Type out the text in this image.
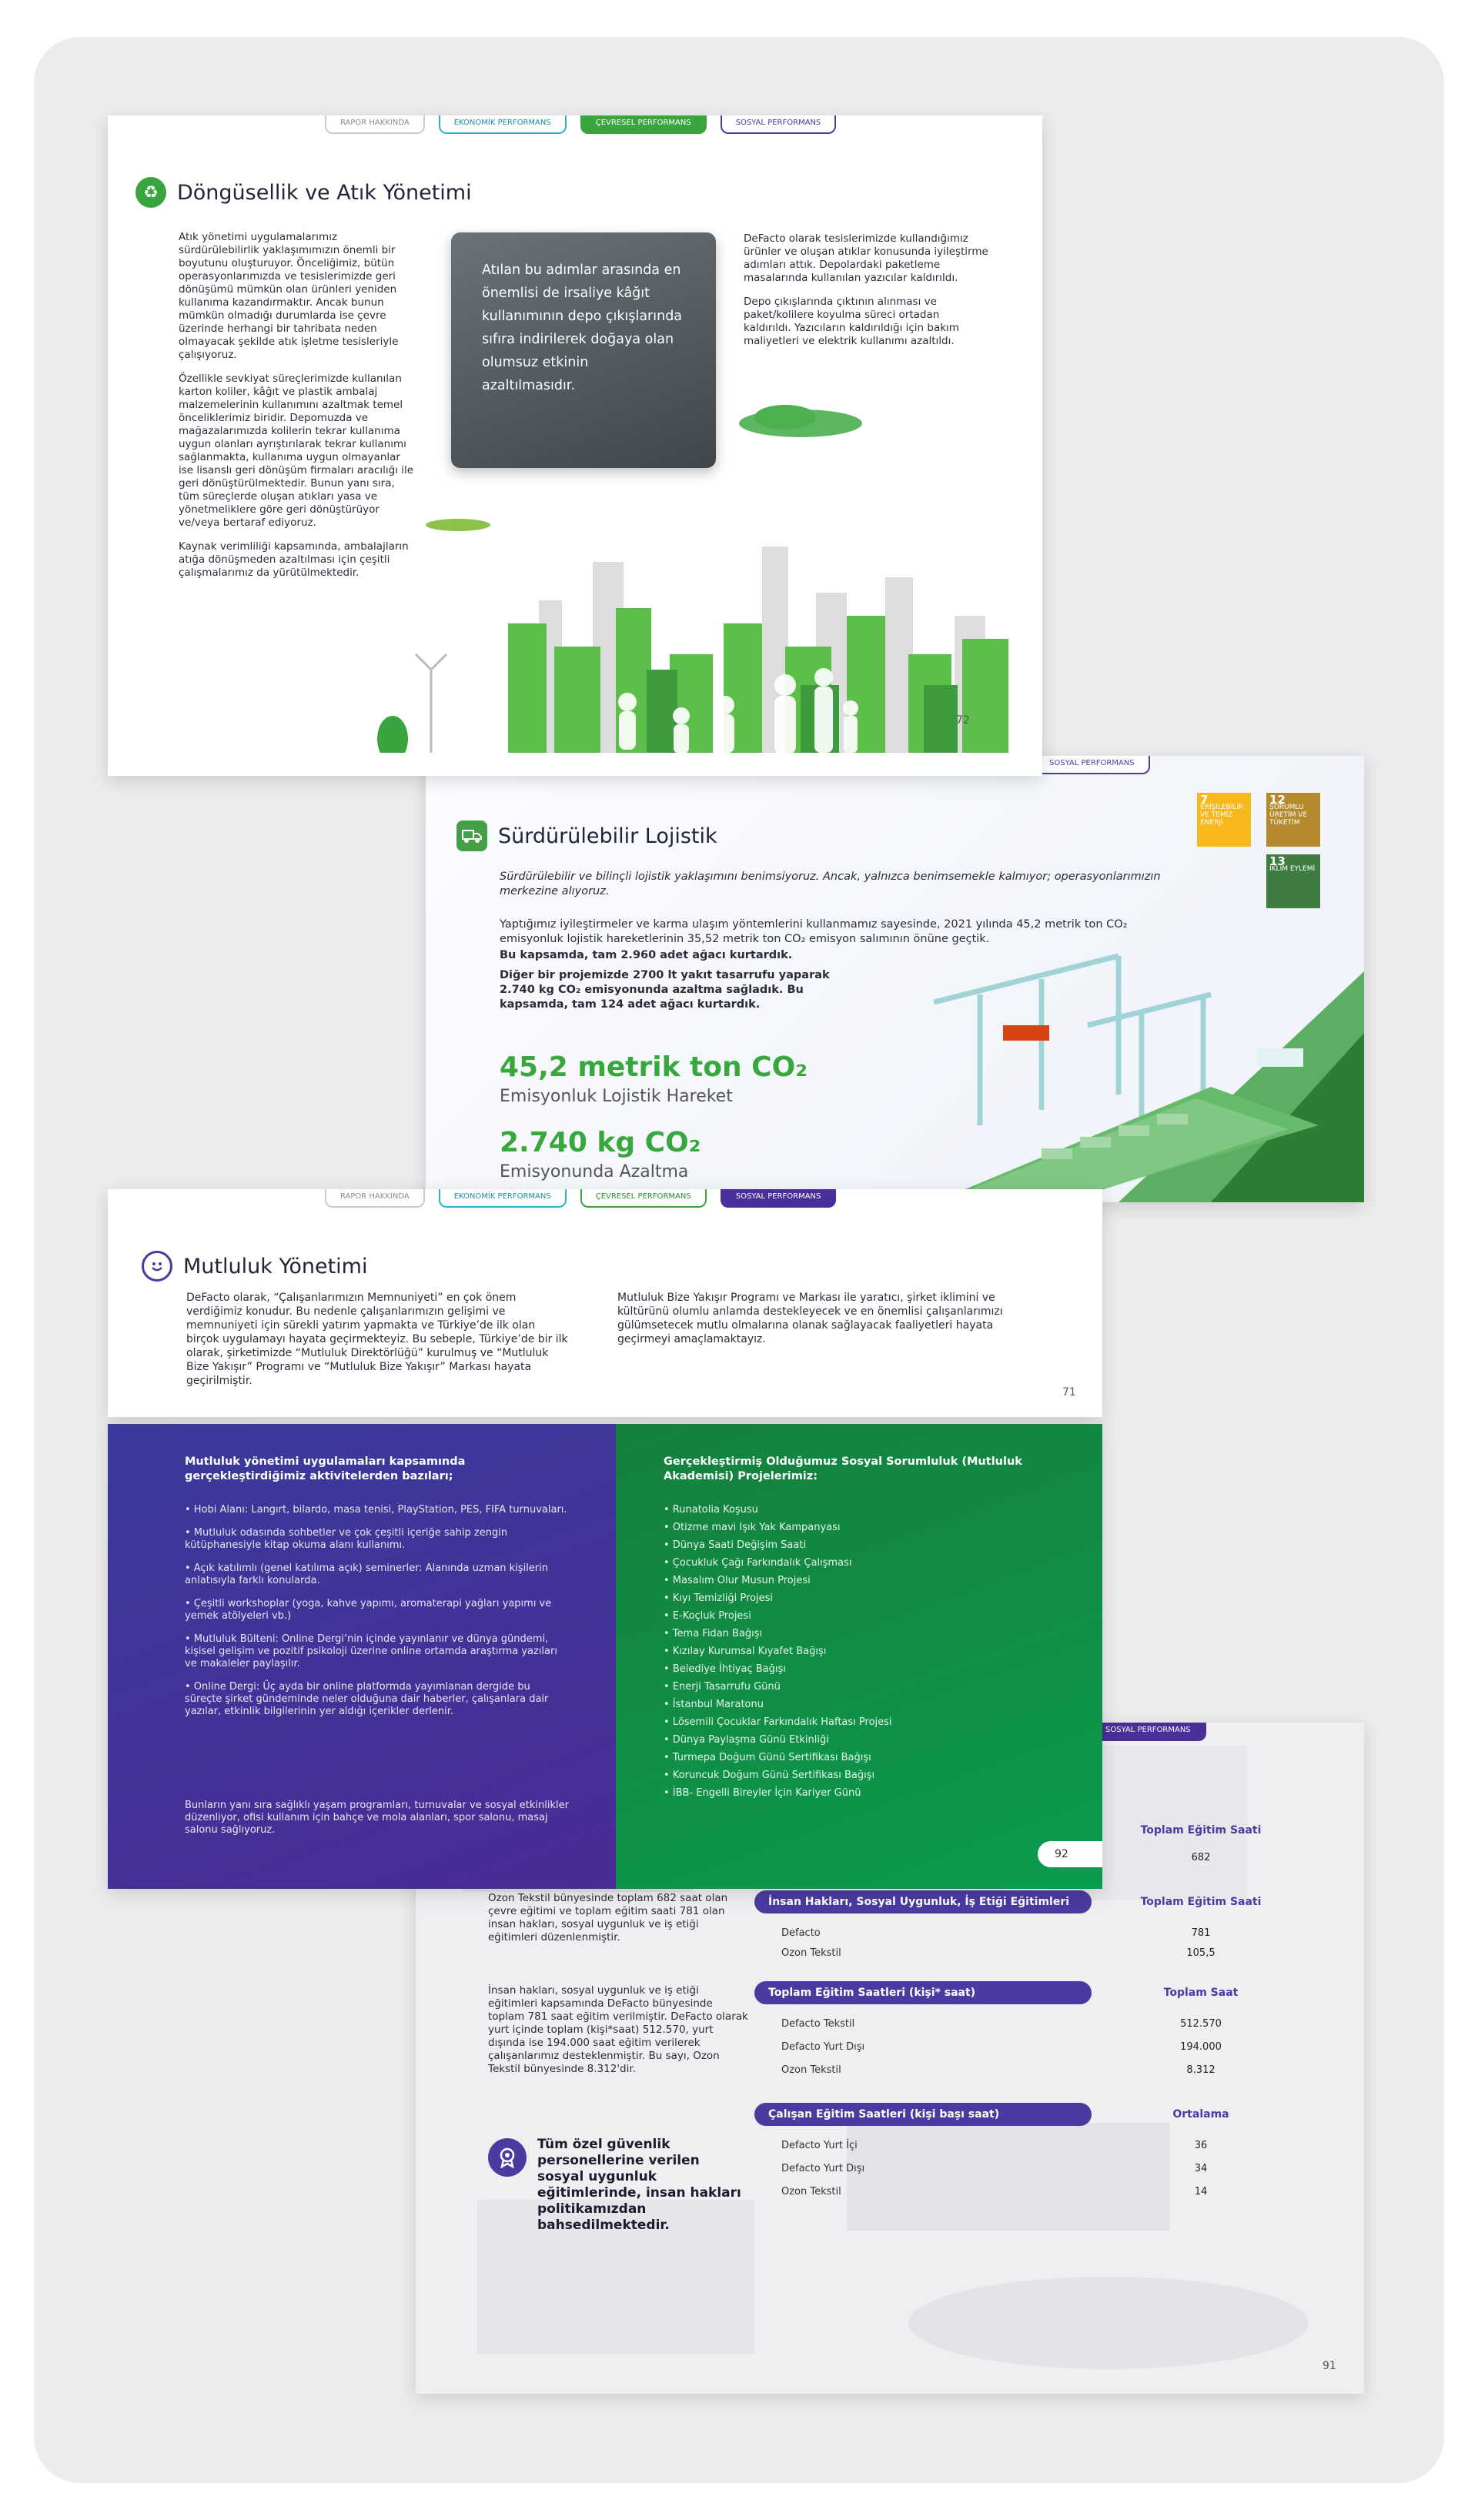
SOSYAL PERFORMANS
Ozon Tekstil bünyesinde toplam 682 saat olan çevre eğitimi ve toplam eğitim saati 781 olan insan hakları, sosyal uygunluk ve iş etiği eğitimleri düzenlenmiştir.
İnsan hakları, sosyal uygunluk ve iş etiği eğitimleri kapsamında DeFacto bünyesinde toplam 781 saat eğitim verilmiştir. DeFacto olarak yurt içinde toplam (kişi*saat) 512.570, yurt dışında ise 194.000 saat eğitim verilerek çalışanlarımız desteklenmiştir. Bu sayı, Ozon Tekstil bünyesinde 8.312'dir.
Tüm özel güvenlik personellerine verilen sosyal uygunluk eğitimlerinde, insan hakları politikamızdan bahsedilmektedir.
Toplam Eğitim Saati
682
İnsan Hakları, Sosyal Uygunluk, İş Etiği Eğitimleri	Toplam Eğitim Saati
Defacto	781
Ozon Tekstil	105,5
Toplam Eğitim Saatleri (kişi* saat)	Toplam Saat
Defacto Tekstil	512.570
Defacto Yurt Dışı	194.000
Ozon Tekstil	8.312
Çalışan Eğitim Saatleri (kişi başı saat)	Ortalama
Defacto Yurt İçi	36
Defacto Yurt Dışı	34
Ozon Tekstil	14
91
SOSYAL PERFORMANS
Sürdürülebilir Lojistik
Sürdürülebilir ve bilinçli lojistik yaklaşımını benimsiyoruz. Ancak, yalnızca benimsemekle kalmıyor; operasyonlarımızın merkezine alıyoruz.
Yaptığımız iyileştirmeler ve karma ulaşım yöntemlerini kullanmamız sayesinde, 2021 yılında 45,2 metrik ton CO₂ emisyonluk lojistik hareketlerinin 35,52 metrik ton CO₂ emisyon salımının önüne geçtik.
Bu kapsamda, tam 2.960 adet ağacı kurtardık.
Diğer bir projemizde 2700 lt yakıt tasarrufu yaparak 2.740 kg CO₂ emisyonunda azaltma sağladık. Bu kapsamda, tam 124 adet ağacı kurtardık.
45,2 metrik ton CO₂
Emisyonluk Lojistik Hareket
2.740 kg CO₂
Emisyonunda Azaltma
7
ERİŞİLEBİLİR VE TEMİZ ENERJİ
12
SORUMLU ÜRETİM VE TÜKETİM
13
İKLİM EYLEMİ
RAPOR HAKKINDA	EKONOMİK PERFORMANS	ÇEVRESEL PERFORMANS	SOSYAL PERFORMANS
♻ Döngüsellik ve Atık Yönetimi

Atık yönetimi uygulamalarımız sürdürülebilirlik yaklaşımımızın önemli bir boyutunu oluşturuyor. Önceliğimiz, bütün operasyonlarımızda ve tesislerimizde geri dönüşümü mümkün olan ürünleri yeniden kullanıma kazandırmaktır. Ancak bunun mümkün olmadığı durumlarda ise çevre üzerinde herhangi bir tahribata neden olmayacak şekilde atık işletme tesisleriyle çalışıyoruz.

Özellikle sevkiyat süreçlerimizde kullanılan karton koliler, kâğıt ve plastik ambalaj malzemelerinin kullanımını azaltmak temel önceliklerimiz biridir. Depomuzda ve mağazalarımızda kolilerin tekrar kullanıma uygun olanları ayrıştırılarak tekrar kullanımı sağlanmakta, kullanıma uygun olmayanlar ise lisanslı geri dönüşüm firmaları aracılığı ile geri dönüştürülmektedir. Bunun yanı sıra, tüm süreçlerde oluşan atıkları yasa ve yönetmeliklere göre geri dönüştürüyor ve/veya bertaraf ediyoruz.

Kaynak verimliliği kapsamında, ambalajların atığa dönüşmeden azaltılması için çeşitli çalışmalarımız da yürütülmektedir.

Atılan bu adımlar arasında en önemlisi de irsaliye kâğıt kullanımının depo çıkışlarında sıfıra indirilerek doğaya olan olumsuz etkinin azaltılmasıdır.

DeFacto olarak tesislerimizde kullandığımız ürünler ve oluşan atıklar konusunda iyileştirme adımları attık. Depolardaki paketleme masalarında kullanılan yazıcılar kaldırıldı.

Depo çıkışlarında çıktının alınması ve paket/kolilere koyulma süreci ortadan kaldırıldı. Yazıcıların kaldırıldığı için bakım maliyetleri ve elektrik kullanımı azaltıldı.

72
RAPOR HAKKINDA	EKONOMİK PERFORMANS	ÇEVRESEL PERFORMANS	SOSYAL PERFORMANS
Mutluluk Yönetimi
DeFacto olarak, “Çalışanlarımızın Memnuniyeti” en çok önem verdiğimiz konudur. Bu nedenle çalışanlarımızın gelişimi ve memnuniyeti için sürekli yatırım yapmakta ve Türkiye’de ilk olan birçok uygulamayı hayata geçirmekteyiz. Bu sebeple, Türkiye’de bir ilk olarak, şirketimizde “Mutluluk Direktörlüğü” kurulmuş ve “Mutluluk Bize Yakışır” Programı ve “Mutluluk Bize Yakışır” Markası hayata geçirilmiştir.
Mutluluk Bize Yakışır Programı ve Markası ile yaratıcı, şirket iklimini ve kültürünü olumlu anlamda destekleyecek ve en önemlisi çalışanlarımızı gülümsetecek mutlu olmalarına olanak sağlayacak faaliyetleri hayata geçirmeyi amaçlamaktayız.
71
Mutluluk yönetimi uygulamaları kapsamında gerçekleştirdiğimiz aktivitelerden bazıları;
• Hobi Alanı: Langırt, bilardo, masa tenisi, PlayStation, PES, FIFA turnuvaları.
• Mutluluk odasında sohbetler ve çok çeşitli içeriğe sahip zengin kütüphanesiyle kitap okuma alanı kullanımı.
• Açık katılımlı (genel katılıma açık) seminerler: Alanında uzman kişilerin anlatısıyla farklı konularda.
• Çeşitli workshoplar (yoga, kahve yapımı, aromaterapi yağları yapımı ve yemek atölyeleri vb.)
• Mutluluk Bülteni: Online Dergi’nin içinde yayınlanır ve dünya gündemi, kişisel gelişim ve pozitif psikoloji üzerine online ortamda araştırma yazıları ve makaleler paylaşılır.
• Online Dergi: Üç ayda bir online platformda yayımlanan dergide bu süreçte şirket gündeminde neler olduğuna dair haberler, çalışanlara dair yazılar, etkinlik bilgilerinin yer aldığı içerikler derlenir.
Bunların yanı sıra sağlıklı yaşam programları, turnuvalar ve sosyal etkinlikler düzenliyor, ofisi kullanım için bahçe ve mola alanları, spor salonu, masaj salonu sağlıyoruz.
Gerçekleştirmiş Olduğumuz Sosyal Sorumluluk (Mutluluk Akademisi) Projelerimiz:
• Runatolia Koşusu
• Otizme mavi Işık Yak Kampanyası
• Dünya Saati Değişim Saati
• Çocukluk Çağı Farkındalık Çalışması
• Masalım Olur Musun Projesi
• Kıyı Temizliği Projesi
• E-Koçluk Projesi
• Tema Fidan Bağışı
• Kızılay Kurumsal Kıyafet Bağışı
• Belediye İhtiyaç Bağışı
• Enerji Tasarrufu Günü
• İstanbul Maratonu
• Lösemili Çocuklar Farkındalık Haftası Projesi
• Dünya Paylaşma Günü Etkinliği
• Turmepa Doğum Günü Sertifikası Bağışı
• Koruncuk Doğum Günü Sertifikası Bağışı
• İBB- Engelli Bireyler İçin Kariyer Günü
92
